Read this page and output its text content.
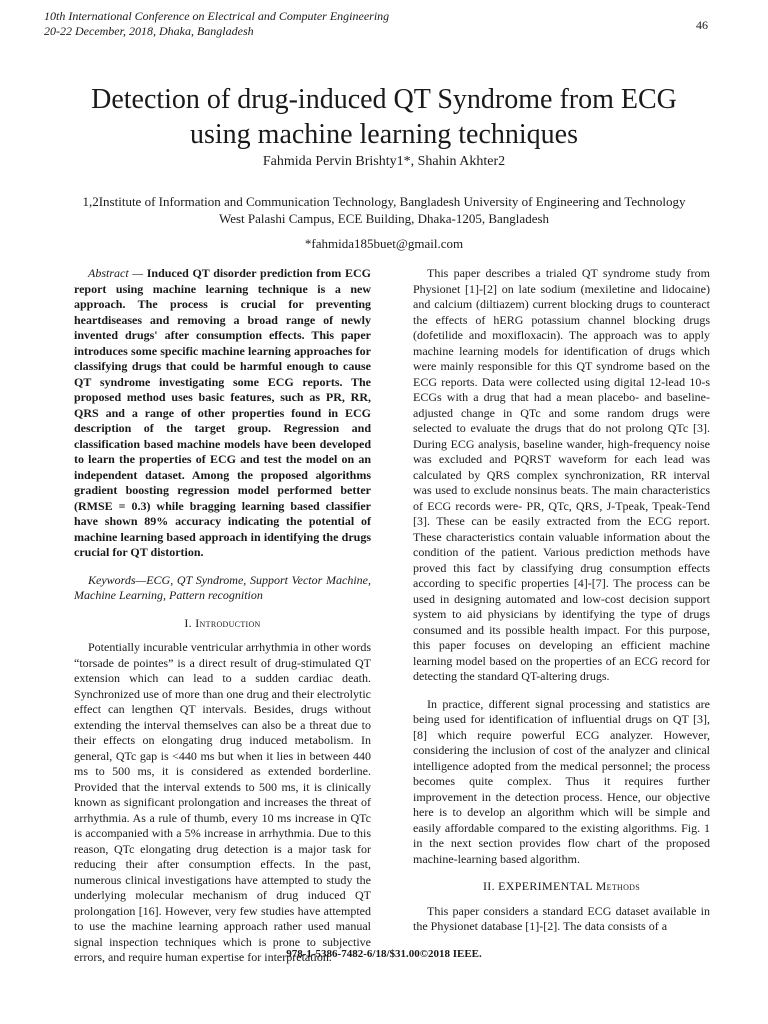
10th International Conference on Electrical and Computer Engineering
20-22 December, 2018, Dhaka, Bangladesh	46
Detection of drug-induced QT Syndrome from ECG
using machine learning techniques
Fahmida Pervin Brishty1*, Shahin Akhter2
1,2Institute of Information and Communication Technology, Bangladesh University of Engineering and Technology
West Palashi Campus, ECE Building, Dhaka-1205, Bangladesh
*fahmida185buet@gmail.com

Abstract — Induced QT disorder prediction from ECG report using machine learning technique is a new approach. The process is crucial for preventing heartdiseases and removing a broad range of newly invented drugs' after consumption effects. This paper introduces some specific machine learning approaches for classifying drugs that could be harmful enough to cause QT syndrome investigating some ECG reports. The proposed method uses basic features, such as PR, RR, QRS and a range of other properties found in ECG description of the target group. Regression and classification based machine models have been developed to learn the properties of ECG and test the model on an independent dataset. Among the proposed algorithms gradient boosting regression model performed better (RMSE = 0.3) while bragging learning based classifier have shown 89% accuracy indicating the potential of machine learning based approach in identifying the drugs crucial for QT distortion.

Keywords—ECG, QT Syndrome, Support Vector Machine, Machine Learning, Pattern recognition

I. Introduction

Potentially incurable ventricular arrhythmia in other words “torsade de pointes” is a direct result of drug-stimulated QT extension which can lead to a sudden cardiac death. Synchronized use of more than one drug and their electrolytic effect can lengthen QT intervals. Besides, drugs without extending the interval themselves can also be a threat due to their effects on elongating drug induced metabolism. In general, QTc gap is <440 ms but when it lies in between 440 ms to 500 ms, it is considered as extended borderline. Provided that the interval extends to 500 ms, it is clinically known as significant prolongation and increases the threat of arrhythmia. As a rule of thumb, every 10 ms increase in QTc is accompanied with a 5% increase in arrhythmia. Due to this reason, QTc elongating drug detection is a major task for reducing their after consumption effects. In the past, numerous clinical investigations have attempted to study the underlying molecular mechanism of drug induced QT prolongation [16]. However, very few studies have attempted to use the machine learning approach rather used manual signal inspection techniques which is prone to subjective errors, and require human expertise for interpretation.

This paper describes a trialed QT syndrome study from Physionet [1]-[2] on late sodium (mexiletine and lidocaine) and calcium (diltiazem) current blocking drugs to counteract the effects of hERG potassium channel blocking drugs (dofetilide and moxifloxacin). The approach was to apply machine learning models for identification of drugs which were mainly responsible for this QT syndrome based on the ECG reports. Data were collected using digital 12-lead 10-s ECGs with a drug that had a mean placebo- and baseline-adjusted change in QTc and some random drugs were selected to evaluate the drugs that do not prolong QTc [3]. During ECG analysis, baseline wander, high-frequency noise was excluded and PQRST waveform for each lead was calculated by QRS complex synchronization, RR interval was used to exclude nonsinus beats. The main characteristics of ECG records were- PR, QTc, QRS, J-Tpeak, Tpeak-Tend [3]. These can be easily extracted from the ECG report. These characteristics contain valuable information about the condition of the patient. Various prediction methods have proved this fact by classifying drug consumption effects according to specific properties [4]-[7]. The process can be used in designing automated and low-cost decision support system to aid physicians by identifying the type of drugs consumed and its possible health impact. For this purpose, this paper focuses on developing an efficient machine learning model based on the properties of an ECG record for detecting the standard QT-altering drugs.

In practice, different signal processing and statistics are being used for identification of influential drugs on QT [3], [8] which require powerful ECG analyzer. However, considering the inclusion of cost of the analyzer and clinical intelligence adopted from the medical personnel; the process becomes quite complex. Thus it requires further improvement in the detection process. Hence, our objective here is to develop an algorithm which will be simple and easily affordable compared to the existing algorithms. Fig. 1 in the next section provides flow chart of the proposed machine-learning based algorithm.

II. EXPERIMENTAL Methods

This paper considers a standard ECG dataset available in the Physionet database [1]-[2]. The data consists of a

978-1-5386-7482-6/18/$31.00©2018 IEEE.
